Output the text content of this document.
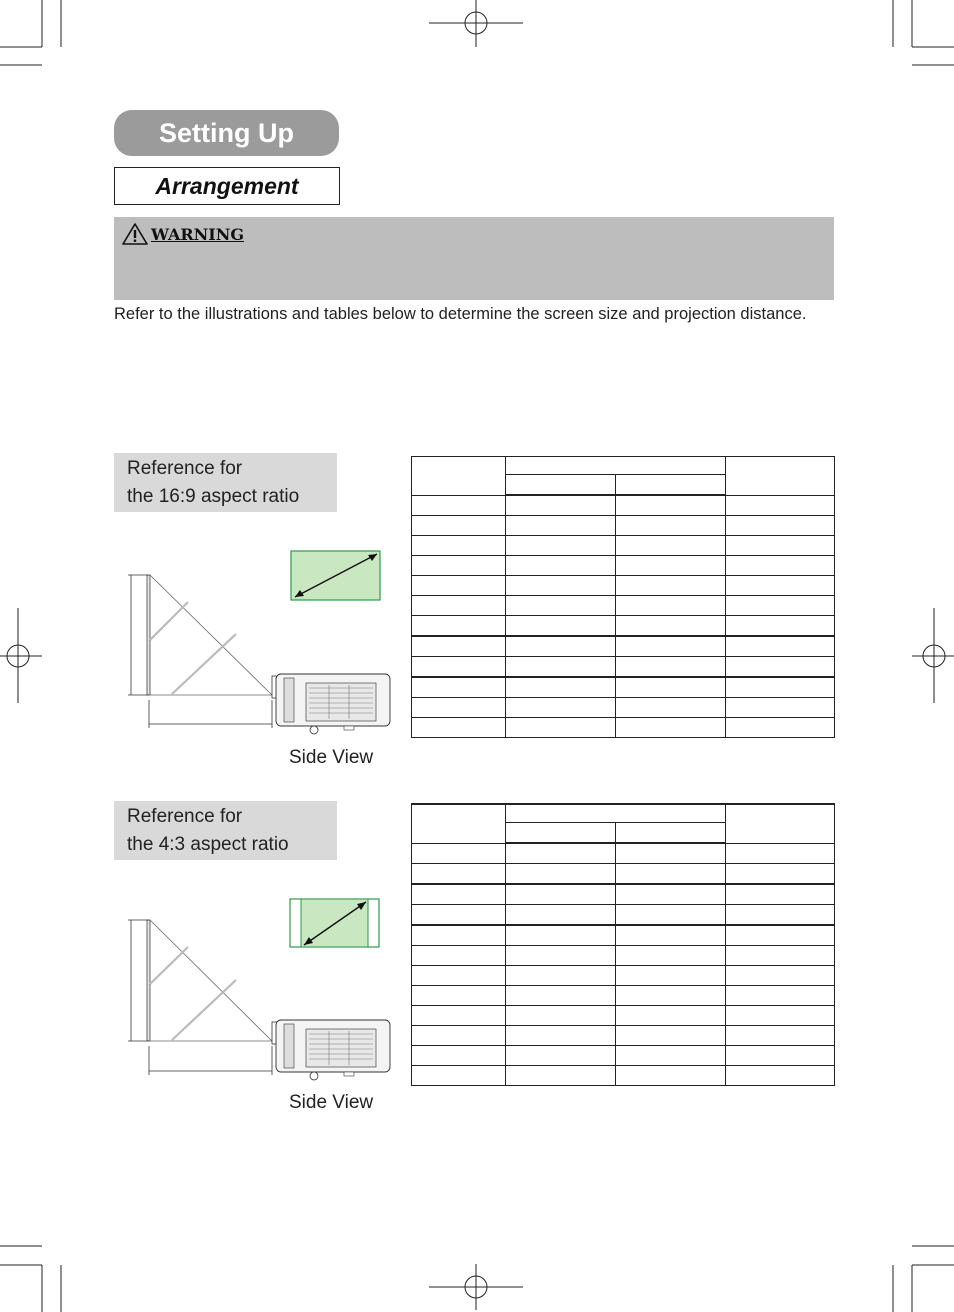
Setting Up
Arrangement
WARNING
Refer to the illustrations and tables below to determine the screen size and projection distance.
Reference for
the 16:9 aspect ratio
Side View

Reference for
the 4:3 aspect ratio
Side View
